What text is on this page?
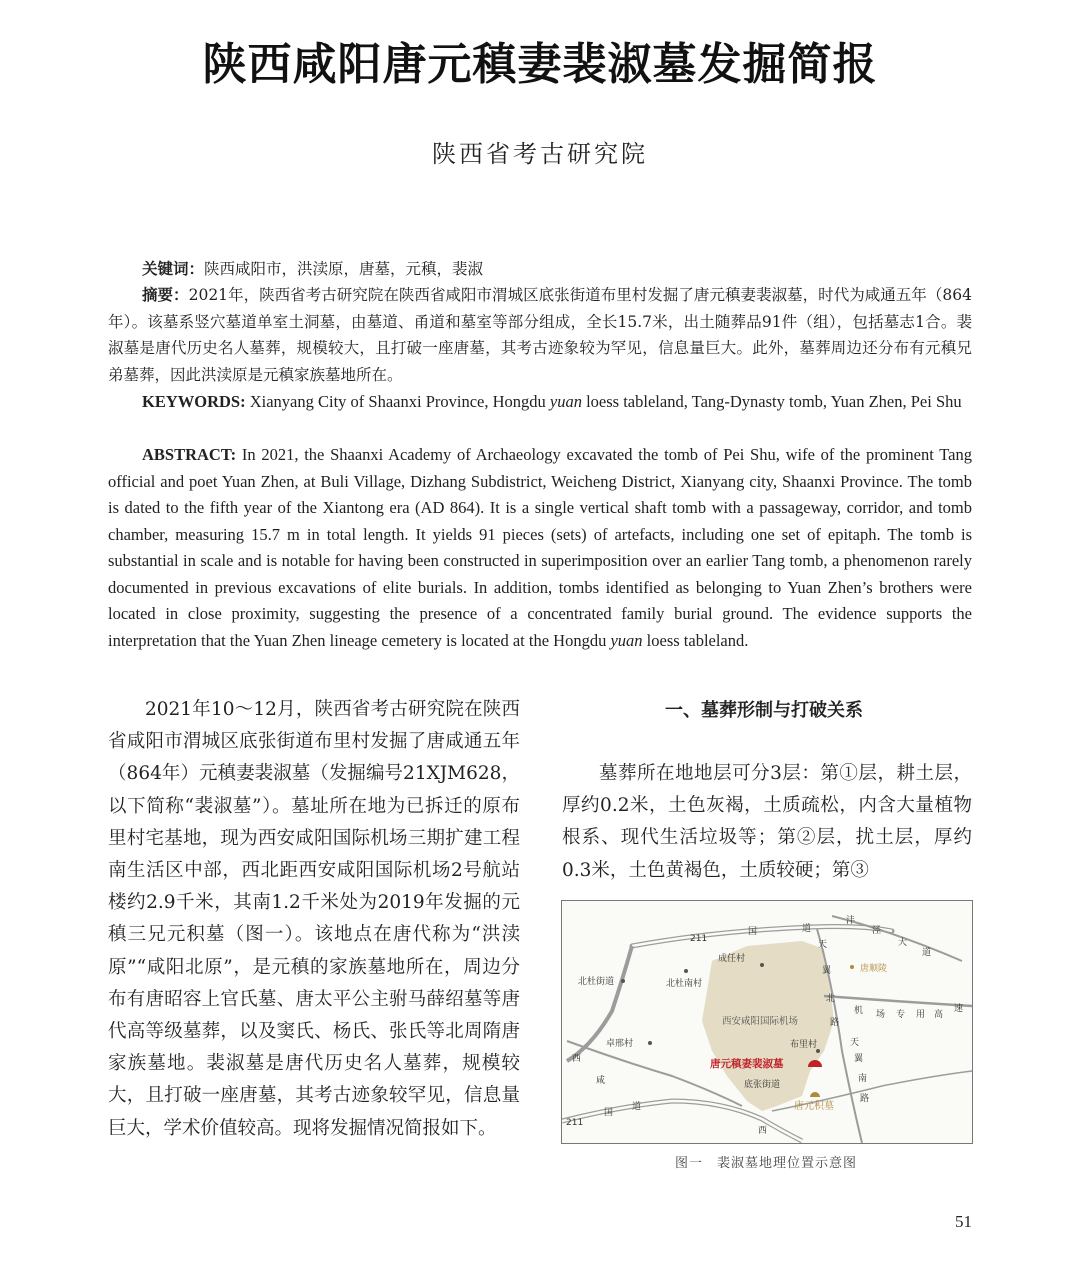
陕西咸阳唐元稹妻裴淑墓发掘简报
陕西省考古研究院
关键词：陕西咸阳市，洪渎原，唐墓，元稹，裴淑
摘要：2021年，陕西省考古研究院在陕西省咸阳市渭城区底张街道布里村发掘了唐元稹妻裴淑墓，时代为咸通五年（864年）。该墓系竖穴墓道单室土洞墓，由墓道、甬道和墓室等部分组成，全长15.7米，出土随葬品91件（组），包括墓志1合。裴淑墓是唐代历史名人墓葬，规模较大，且打破一座唐墓，其考古迹象较为罕见，信息量巨大。此外，墓葬周边还分布有元稹兄弟墓葬，因此洪渎原是元稹家族墓地所在。
KEYWORDS: Xianyang City of Shaanxi Province, Hongdu yuan loess tableland, Tang-Dynasty tomb, Yuan Zhen, Pei Shu
ABSTRACT: In 2021, the Shaanxi Academy of Archaeology excavated the tomb of Pei Shu, wife of the prominent Tang official and poet Yuan Zhen, at Buli Village, Dizhang Subdistrict, Weicheng District, Xianyang city, Shaanxi Province. The tomb is dated to the fifth year of the Xiantong era (AD 864). It is a single vertical shaft tomb with a passageway, corridor, and tomb chamber, measuring 15.7 m in total length. It yields 91 pieces (sets) of artefacts, including one set of epitaph. The tomb is substantial in scale and is notable for having been constructed in superimposition over an earlier Tang tomb, a phenomenon rarely documented in previous excavations of elite burials. In addition, tombs identified as belonging to Yuan Zhen’s brothers were located in close proximity, suggesting the presence of a concentrated family burial ground. The evidence supports the interpretation that the Yuan Zhen lineage cemetery is located at the Hongdu yuan loess tableland.
2021年10～12月，陕西省考古研究院在陕西省咸阳市渭城区底张街道布里村发掘了唐咸通五年（864年）元稹妻裴淑墓（发掘编号21XJM628，以下简称“裴淑墓”）。墓址所在地为已拆迁的原布里村宅基地，现为西安咸阳国际机场三期扩建工程南生活区中部，西北距西安咸阳国际机场2号航站楼约2.9千米，其南1.2千米处为2019年发掘的元稹三兄元积墓（图一）。该地点在唐代称为“洪渎原”“咸阳北原”，是元稹的家族墓地所在，周边分布有唐昭容上官氏墓、唐太平公主驸马薛绍墓等唐代高等级墓葬，以及窦氏、杨氏、张氏等北周隋唐家族墓地。裴淑墓是唐代历史名人墓葬，规模较大，且打破一座唐墓，其考古迹象较罕见，信息量巨大，学术价值较高。现将发掘情况简报如下。
一、墓葬形制与打破关系
墓葬所在地地层可分3层：第①层，耕土层，厚约0.2米，土色灰褐，土质疏松，内含大量植物根系、现代生活垃圾等；第②层，扰土层，厚约0.3米，土色黄褐色，土质较硬；第③
211
国	道
沣
泾
大
道
天
翼
北
路
机 场 专 用 高
速
天
翼
南
路
西
咸
211
国
道
西
北杜街道	北杜南村
成任村
唐顺陵
卓邢村
西安咸阳国际机场
布里村
唐元稹妻裴淑墓
底张街道
唐元积墓
图一　裴淑墓地理位置示意图
51
